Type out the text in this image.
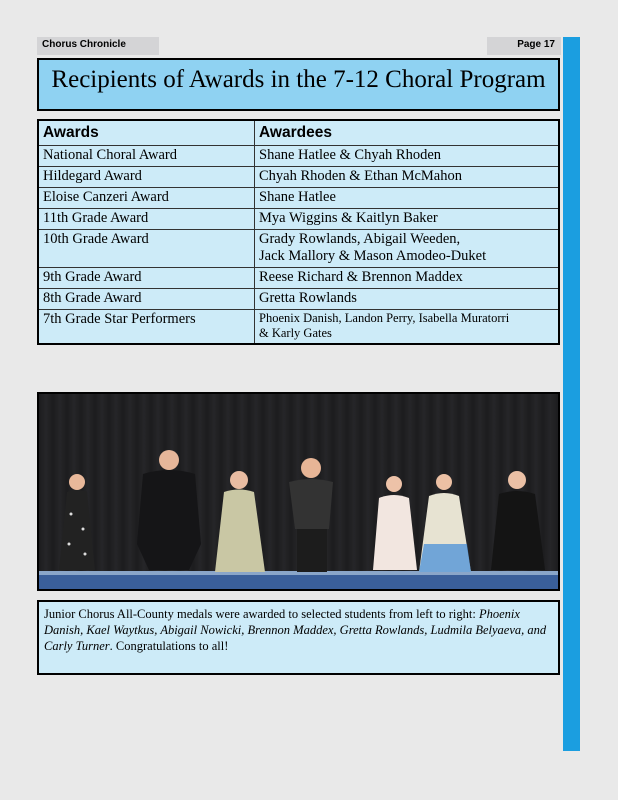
Chorus Chronicle	Page 17
Recipients of Awards in the 7-12 Choral Program
Awards	Awardees
National Choral Award	Shane Hatlee & Chyah Rhoden
Hildegard Award	Chyah Rhoden & Ethan McMahon
Eloise Canzeri Award	Shane Hatlee
11th Grade Award	Mya Wiggins & Kaitlyn Baker
10th Grade Award	Grady Rowlands, Abigail Weeden,
Jack Mallory & Mason Amodeo-Duket

9th Grade Award	Reese Richard & Brennon Maddex
8th Grade Award	Gretta Rowlands
7th Grade Star Performers	Phoenix Danish, Landon Perry, Isabella Muratorri
& Karly Gates
Junior Chorus All-County medals were awarded to selected students from left to right: Phoenix Danish, Kael Waytkus, Abigail Nowicki, Brennon Maddex, Gretta Rowlands, Ludmila Belyaeva, and Carly Turner. Congratulations to all!
